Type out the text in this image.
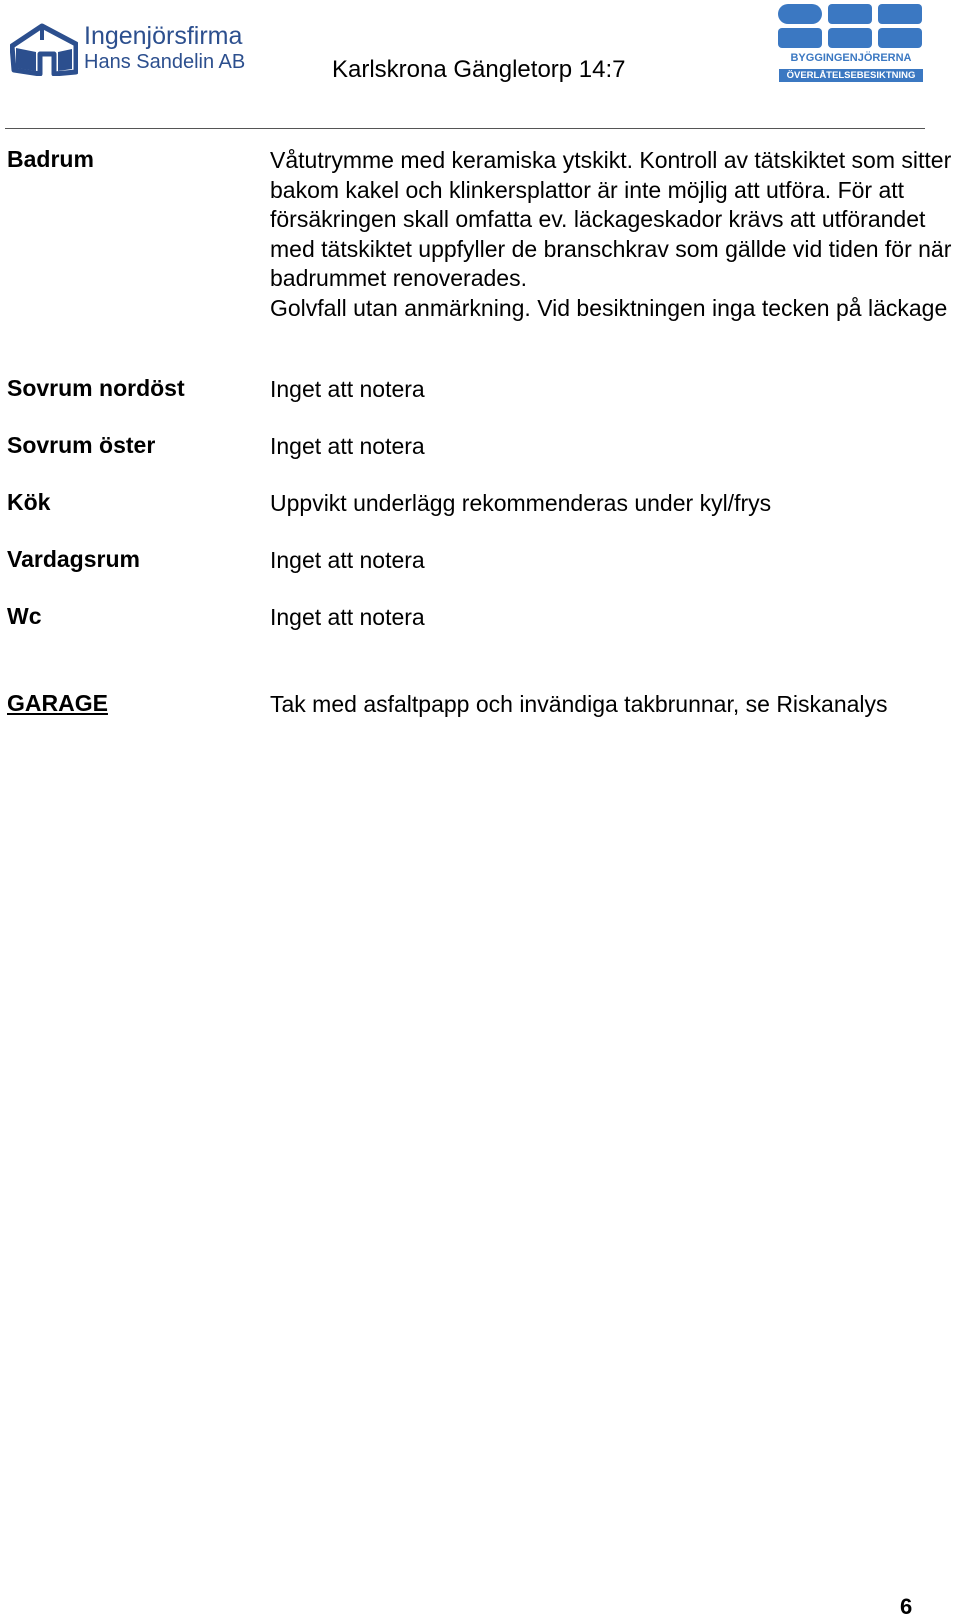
Ingenjörsfirma
Hans Sandelin AB	Karlskrona Gängletorp 14:7	BYGGINGENJÖRERNA
ÖVERLÅTELSEBESIKTNING
Badrum	Våtutrymme med keramiska ytskikt. Kontroll av tätskiktet som sitter bakom kakel och klinkersplattor är inte möjlig att utföra. För att försäkringen skall omfatta ev. läckageskador krävs att utförandet med tätskiktet uppfyller de branschkrav som gällde vid tiden för när badrummet renoverades.

Golvfall utan anmärkning. Vid besiktningen inga tecken på läckage

Sovrum nordöst	Inget att notera

Sovrum öster	Inget att notera

Kök	Uppvikt underlägg rekommenderas under kyl/frys

Vardagsrum	Inget att notera

Wc	Inget att notera

GARAGE	Tak med asfaltpapp och invändiga takbrunnar, se Riskanalys

6
